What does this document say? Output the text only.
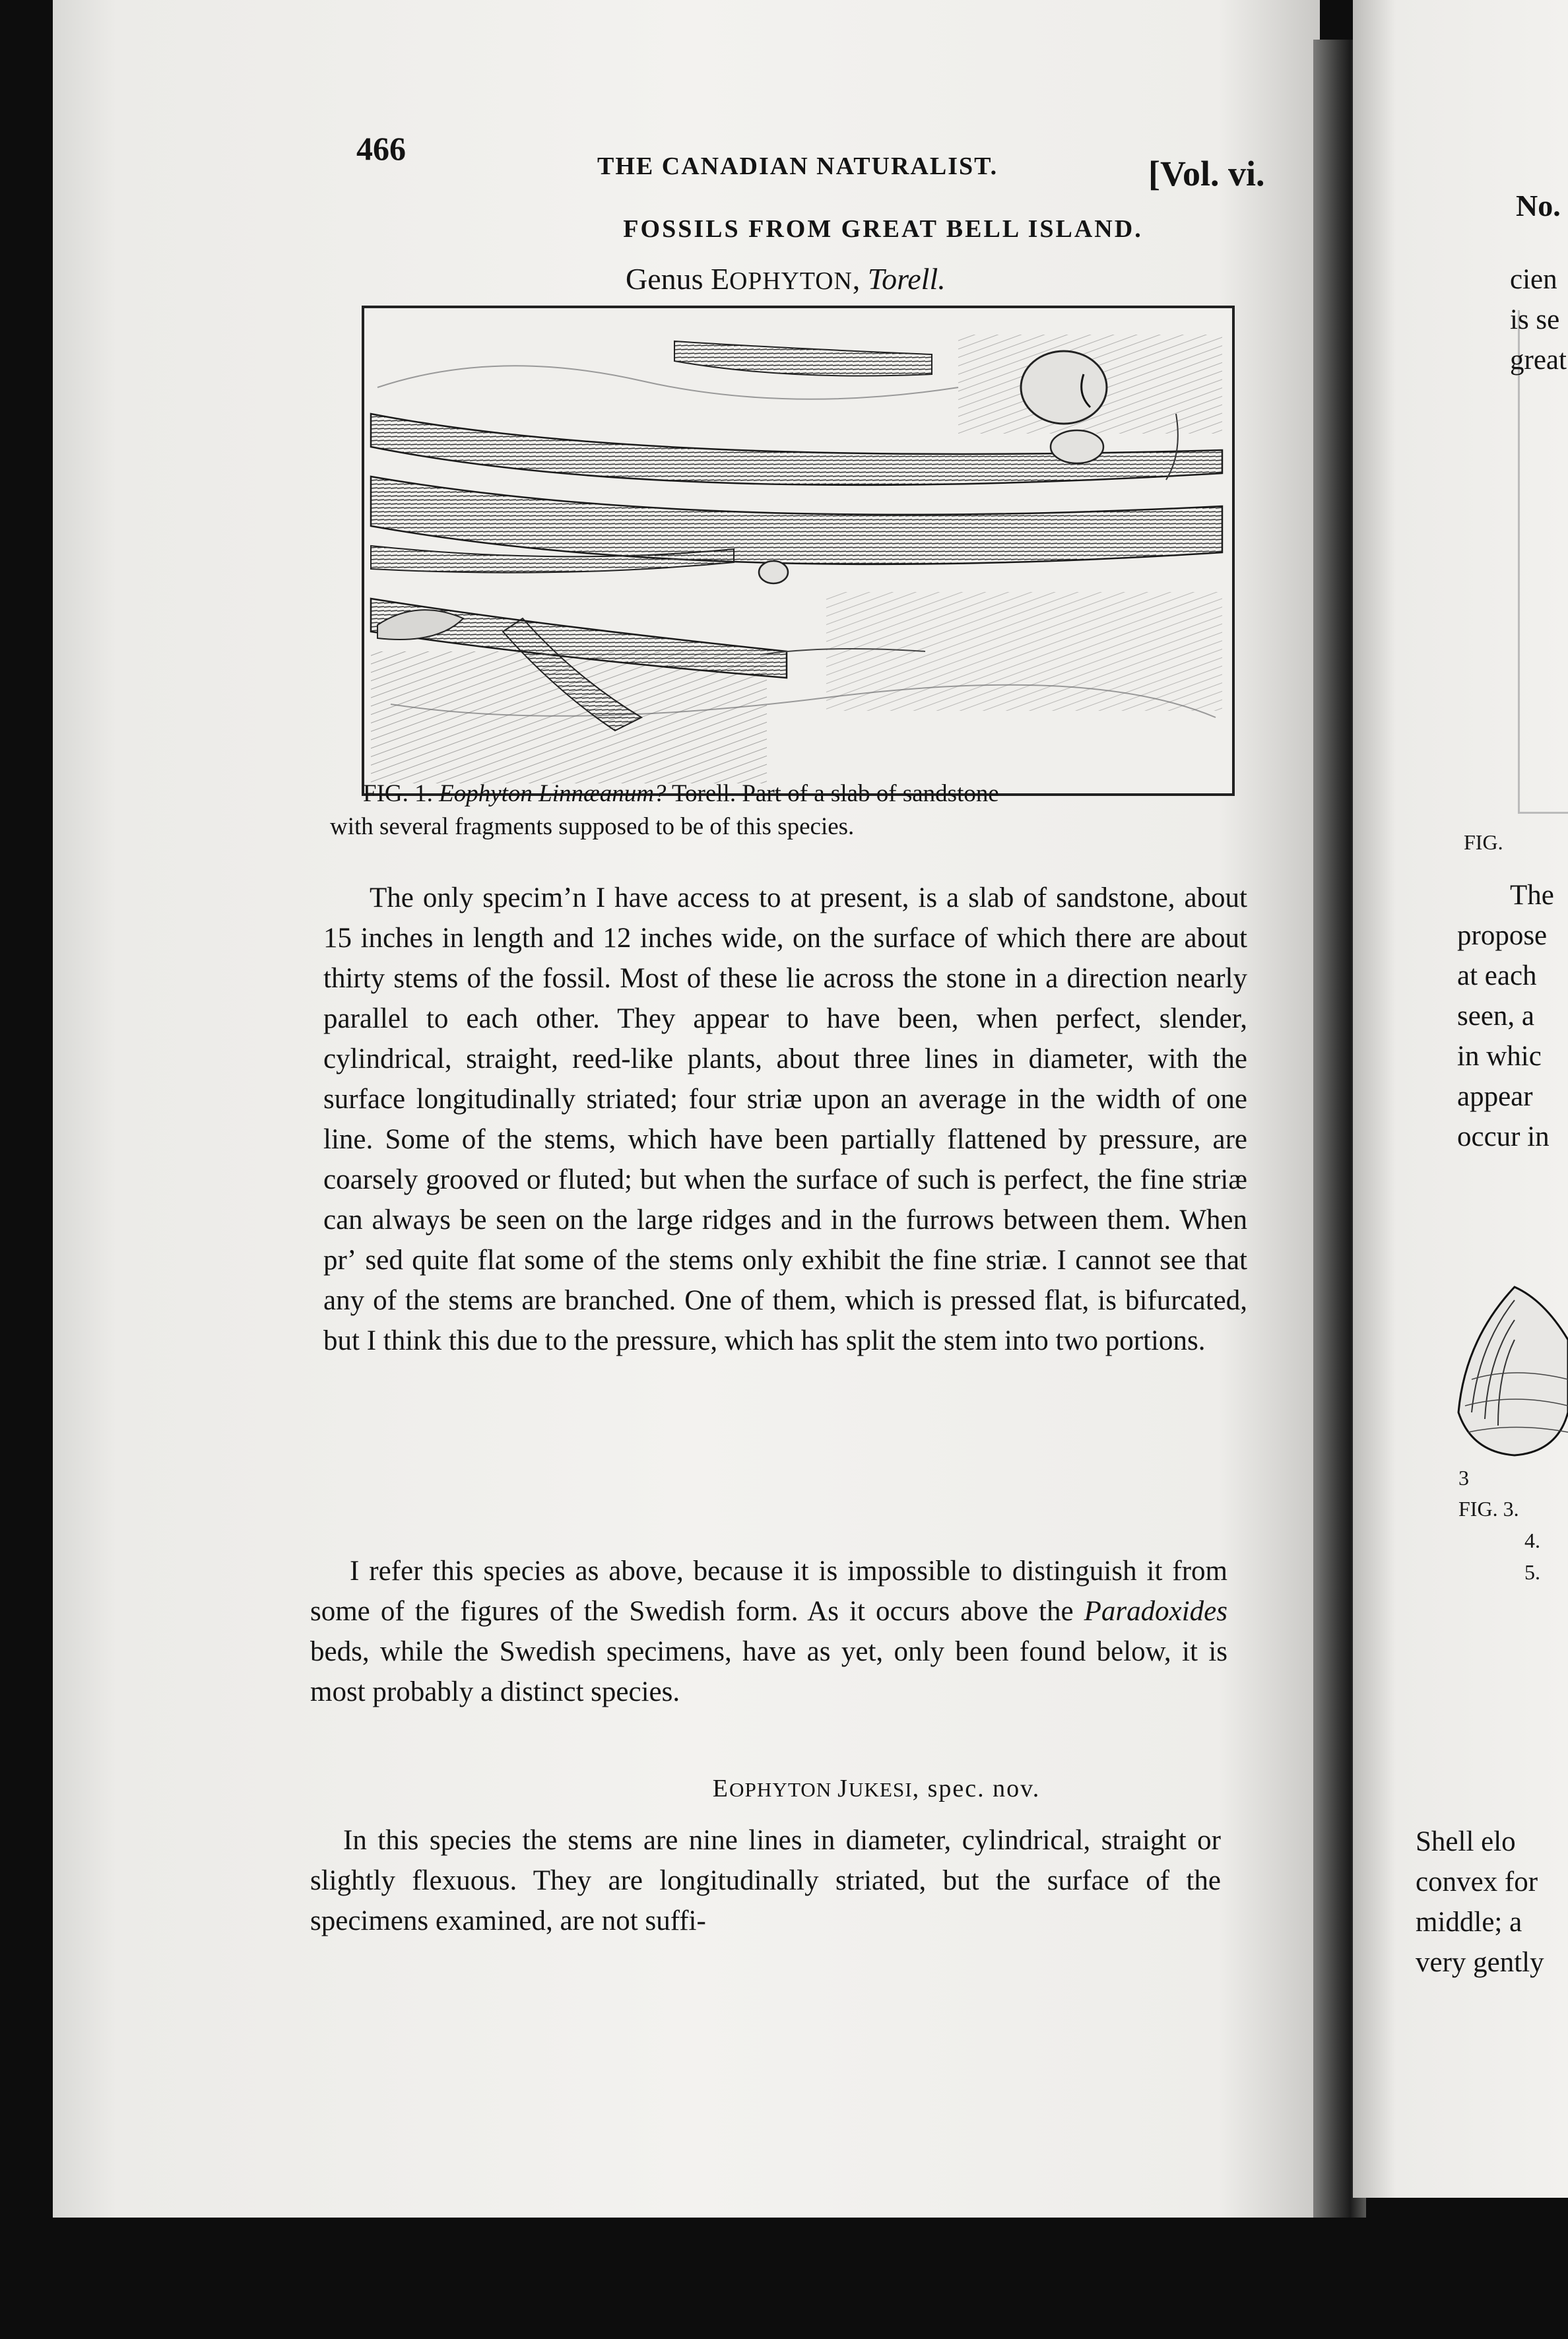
466	THE CANADIAN NATURALIST.	[Vol. vi.
FOSSILS FROM GREAT BELL ISLAND.
Genus EOPHYTON, Torell.
FIG. 1. Eophyton Linnæanum? Torell. Part of a slab of sandstone
with several fragments supposed to be of this species.
The only specimʼn I have access to at present, is a slab of sandstone, about 15 inches in length and 12 inches wide, on the surface of which there are about thirty stems of the fossil. Most of these lie across the stone in a direction nearly parallel to each other. They appear to have been, when perfect, slender, cylindrical, straight, reed-like plants, about three lines in diameter, with the surface longitudinally striated; four striæ upon an average in the width of one line. Some of the stems, which have been partially flattened by pressure, are coarsely grooved or fluted; but when the surface of such is perfect, the fine striæ can always be seen on the large ridges and in the furrows between them. When prʼ sed quite flat some of the stems only exhibit the fine striæ. I cannot see that any of the stems are branched. One of them, which is pressed flat, is bifurcated, but I think this due to the pressure, which has split the stem into two portions.
I refer this species as above, because it is impossible to distinguish it from some of the figures of the Swedish form. As it occurs above the Paradoxides beds, while the Swedish specimens, have as yet, only been found below, it is most probably a distinct species.
EOPHYTON JUKESI, spec. nov.
In this species the stems are nine lines in diameter, cylindrical, straight or slightly flexuous. They are longitudinally striated, but the surface of the specimens examined, are not suffi-
No.
cien
is se
great
FIG.
The
propose
at each
seen, a
in whic
appear
occur in
3
FIG. 3.
4.
5.
Shell elo
convex for
middle; a
very gently
